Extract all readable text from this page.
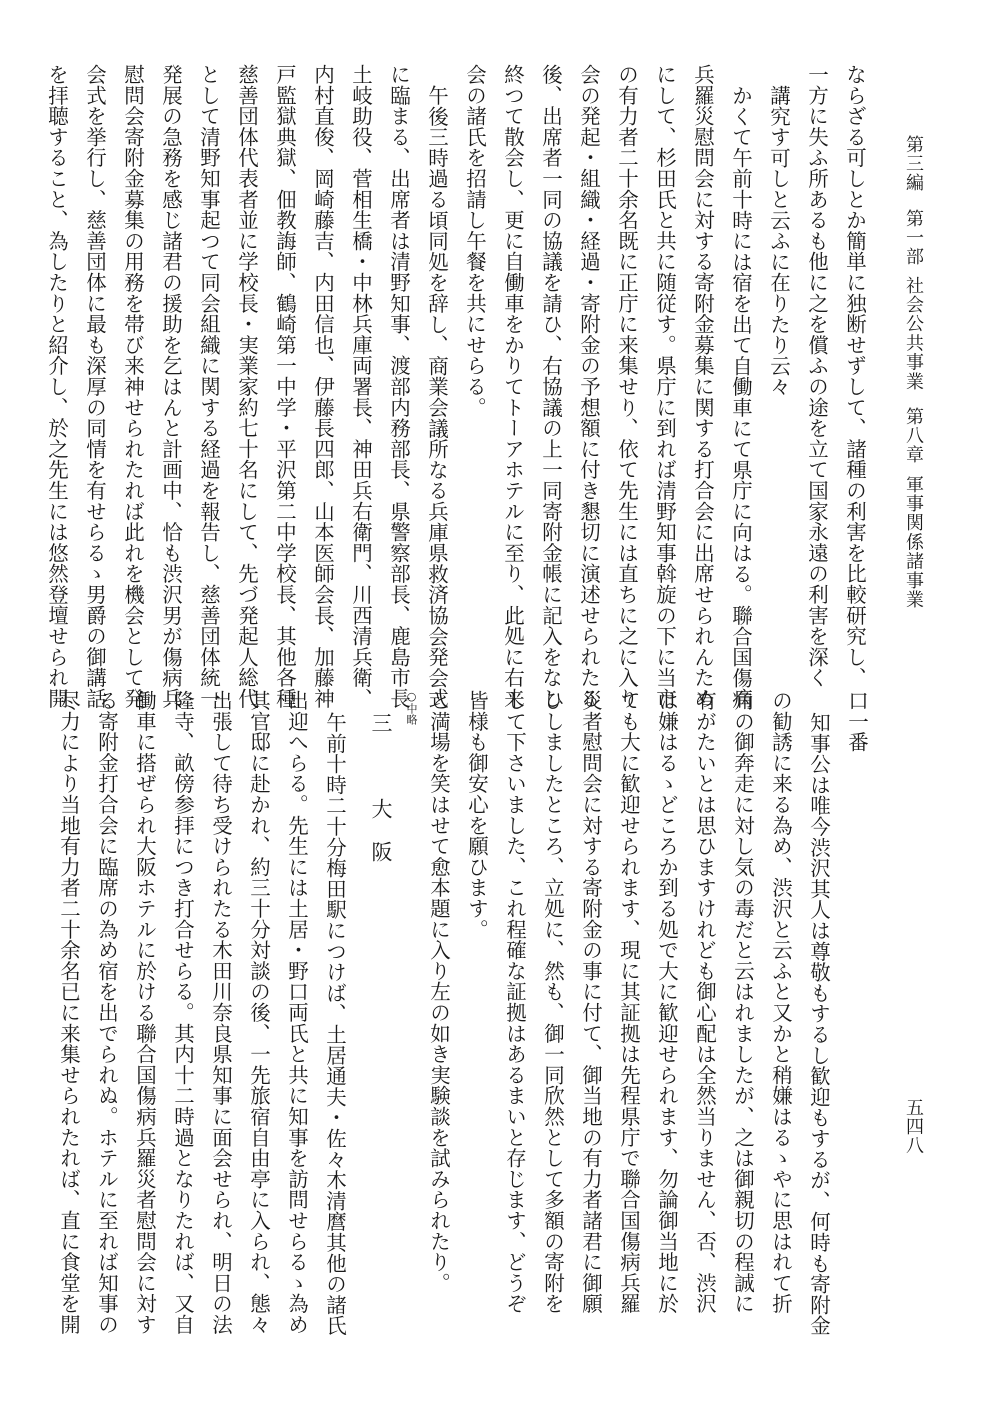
第三編第一部社会公共事業第八章軍事関係諸事業
五四八
ならざる可しとか簡単に独断せずして、諸種の利害を比較研究し、
一方に失ふ所あるも他に之を償ふの途を立て国家永遠の利害を深く
講究す可しと云ふに在りたり云々
かくて午前十時には宿を出て自働車にて県庁に向はる。聯合国傷病
兵羅災慰問会に対する寄附金募集に関する打合会に出席せられんため
にして、杉田氏と共に随従す。県庁に到れば清野知事斡旋の下に当市
の有力者二十余名既に正庁に来集せり、依て先生には直ちに之に入り
会の発起・組織・経過・寄附金の予想額に付き懇切に演述せられたる
後、出席者一同の協議を請ひ、右協議の上一同寄附金帳に記入をなし
終つて散会し、更に自働車をかりてトーアホテルに至り、此処に右来
会の諸氏を招請し午餐を共にせらる。
午後三時過る頃同処を辞し、商業会議所なる兵庫県救済協会発会式
に臨まる、出席者は清野知事、渡部内務部長、県警察部長、鹿島市長
土岐助役、菅相生橋・中林兵庫両署長、神田兵右衛門、川西清兵衛、
内村直俊、岡崎藤吉、内田信也、伊藤長四郎、山本医師会長、加藤神
戸監獄典獄、佃教誨師、鶴崎第一中学・平沢第二中学校長、其他各種
慈善団体代表者並に学校長・実業家約七十名にして、先づ発起人総代
として清野知事起つて同会組織に関する経過を報告し、慈善団体統一
発展の急務を感じ諸君の援助を乞はんと計画中、恰も渋沢男が傷病兵
慰問会寄附金募集の用務を帯び来神せられたれば此れを機会として発
会式を挙行し、慈善団体に最も深厚の同情を有せらるゝ男爵の御講話
を拝聴すること、為したりと紹介し、於之先生には悠然登壇せられ開
口一番
知事公は唯今渋沢其人は尊敬もするし歓迎もするが、何時も寄附金
の勧誘に来る為め、渋沢と云ふと又かと稍嫌はるゝやに思はれて折
角の御奔走に対し気の毒だと云はれましたが、之は御親切の程誠に
有がたいとは思ひますけれども御心配は全然当りません、否、渋沢
は嫌はるゝどころか到る処で大に歓迎せられます、勿論御当地に於
ても大に歓迎せられます、現に其証拠は先程県庁で聯合国傷病兵羅
災者慰問会に対する寄附金の事に付て、御当地の有力者諸君に御願
ひしましたところ、立処に、然も、御一同欣然として多額の寄附を
して下さいました、これ程確な証拠はあるまいと存じます、どうぞ
皆様も御安心を願ひます。
と満場を笑はせて愈本題に入り左の如き実験談を試みられたり。
○中略
三　大阪
午前十時二十分梅田駅につけば、土居通夫・佐々木清麿其他の諸氏
出迎へらる。先生には土居・野口両氏と共に知事を訪問せらるゝ為め
其官邸に赴かれ、約三十分対談の後、一先旅宿自由亭に入られ、態々
出張して待ち受けられたる木田川奈良県知事に面会せられ、明日の法
隆寺、畝傍参拝につき打合せらる。其内十二時過となりたれば、又自
働車に搭ぜられ大阪ホテルに於ける聯合国傷病兵羅災者慰問会に対す
る寄附金打合会に臨席の為め宿を出でられぬ。ホテルに至れば知事の
尽力により当地有力者二十余名已に来集せられたれば、直に食堂を開
